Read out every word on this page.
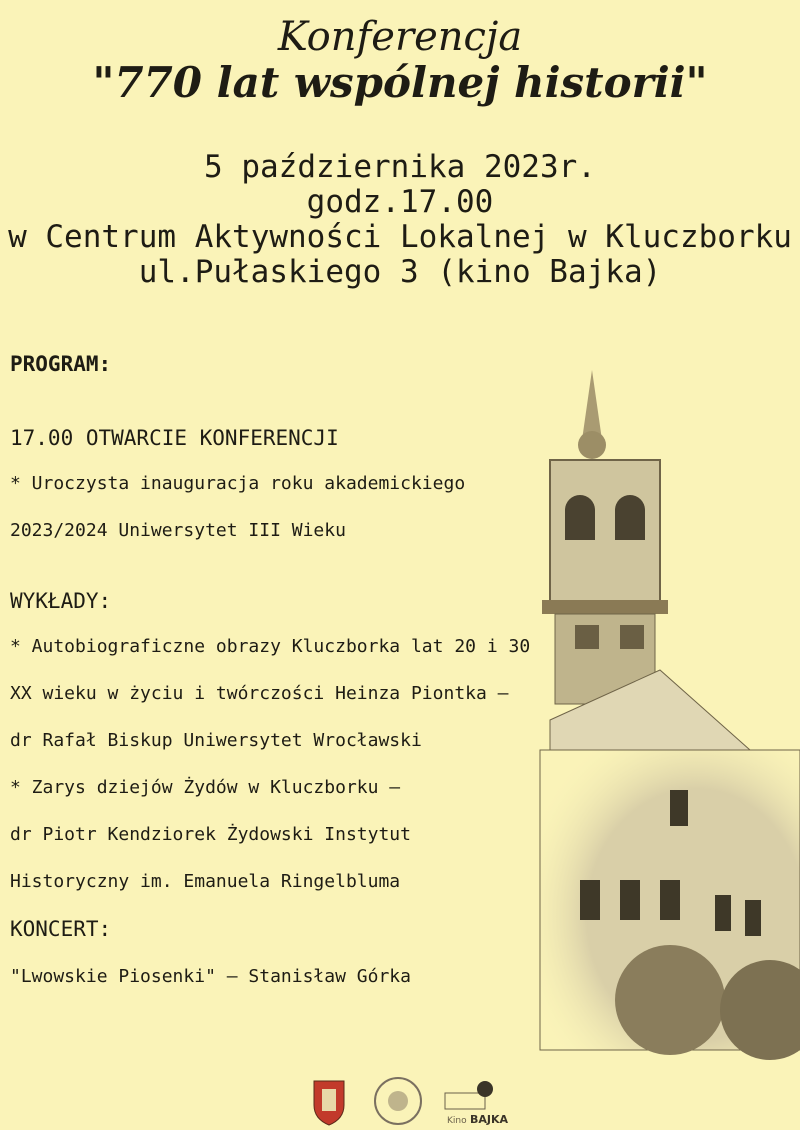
Konferencja
"770 lat wspólnej historii"
5 października 2023r.
godz.17.00
w Centrum Aktywności Lokalnej w Kluczborku
ul.Pułaskiego 3 (kino Bajka)
PROGRAM:
17.00 OTWARCIE KONFERENCJI
* Uroczysta inauguracja roku akademickiego
2023/2024 Uniwersytet III Wieku
WYKŁADY:
* Autobiograficzne obrazy Kluczborka lat 20 i 30
XX wieku w życiu i twórczości Heinza Piontka –
dr Rafał Biskup Uniwersytet Wrocławski
* Zarys dziejów Żydów w Kluczborku –
dr Piotr Kendziorek Żydowski Instytut
Historyczny im. Emanuela Ringelbluma
KONCERT:
"Lwowskie Piosenki" – Stanisław Górka
Kino BAJKA
